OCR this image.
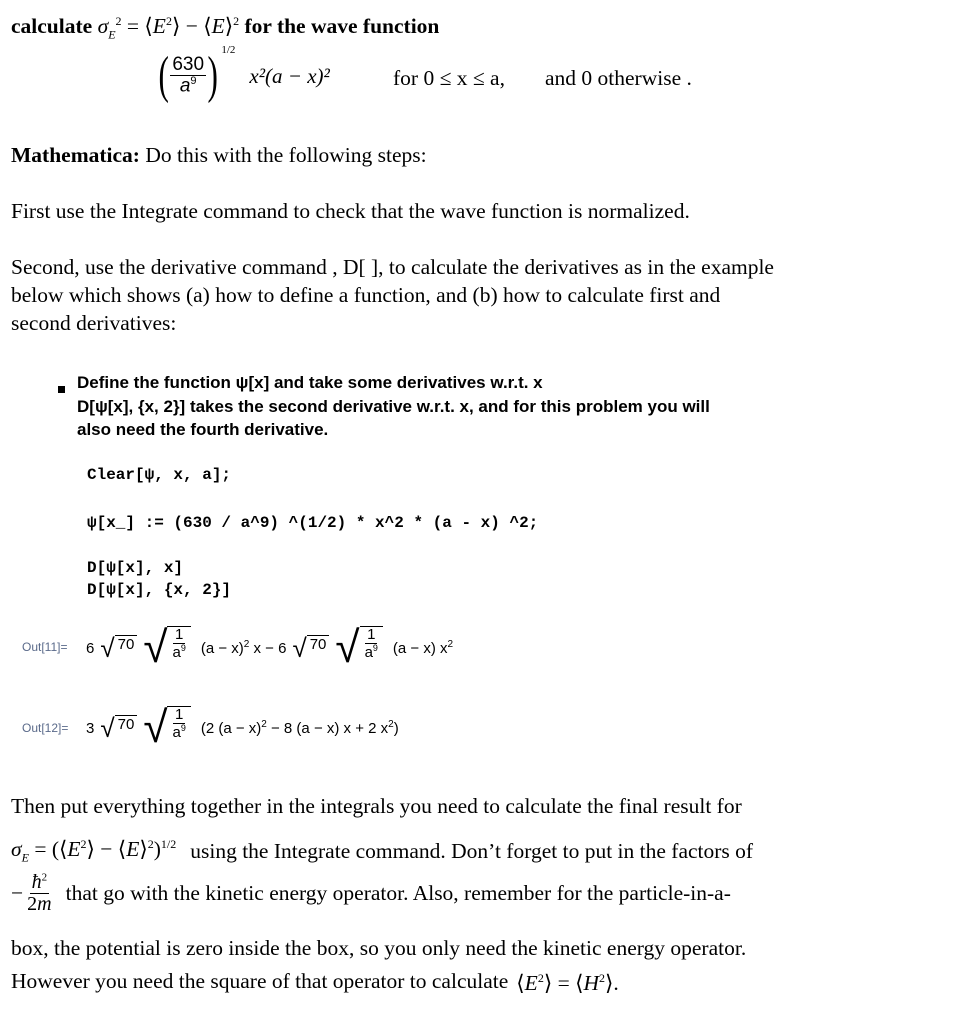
calculate $\sigma_E^2$ = $⟨E^2⟩$ − ⟨E⟩$^2$ for the wave function
( $\frac{630}{a^9}$ ) $^{1/2}$
x²(a − x)²	for 0 ≤ x ≤ a, and 0 otherwise .
Mathematica: Do this with the following steps:
First use the Integrate command to check that the wave function is normalized.
Second, use the derivative command , D[ ], to calculate the derivatives as in the example
below which shows (a) how to define a function, and (b) how to calculate first and
second derivatives:
Define the function ψ[x] and take some derivatives w.r.t. x
D[ψ[x], {x, 2}] takes the second derivative w.r.t. x, and for this problem you will
also need the fourth derivative.
Clear[ψ, x, a];
ψ[x_] := (630 / a^9) ^(1/2) * x^2 * (a - x) ^2;
D[ψ[x], x]
D[ψ[x], {x, 2}]
Out[11]= 6 √ 70 √ $\frac{1}{a^9} (a - x)^2$ x − 6 √ 70 √ $\frac{1}{a^9} (a - x)$ $x^2$
Out[12]= 3 √ 70 √ $\frac{1}{a^9} (2$ $(a - x)^2 - 8$ (a − x) x + 2 $x^2$)
Then put everything together in the integrals you need to calculate the final result for
$\sigma_E$ = ($⟨E^2⟩$ − ⟨E⟩$^2$)$^{1/2}$ using the Integrate command. Don’t forget to put in the factors of
− $\frac{ħ^2}{2m}$ that go with the kinetic energy operator. Also, remember for the particle-in-a-
box, the potential is zero inside the box, so you only need the kinetic energy operator.
However you need the square of that operator to calculate $⟨E^2⟩$ = $⟨H^2⟩$.
